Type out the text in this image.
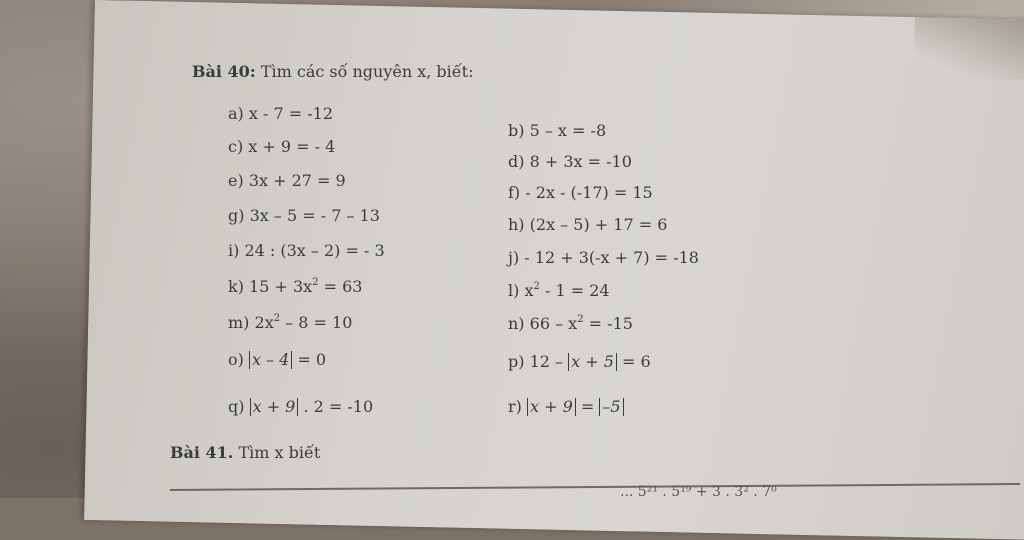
Bài 40: Tìm các số nguyên x, biết:
a) x - 7 = -12
c) x + 9 = - 4
e) 3x + 27 = 9
g) 3x – 5 = - 7 – 13
i) 24 : (3x – 2) = - 3
k) $15 + 3x^2 = 63$
m) $2x^2 - 8 = 10$
o) x – 4 = 0
q) x + 9 . 2 = -10
b) 5 – x = -8
d) 8 + 3x = -10
f) - 2x - (-17) = 15
h) (2x – 5) + 17 = 6
j) - 12 + 3(-x + 7) = -18
l) $x^2 - 1 = 24$
n) $66 - x^2 = -15$
p) 12 – x + 5 = 6
r) x + 9 = –5
Bài 41. Tìm x biết
... 5²¹ . 5¹⁹ + 3 . 3² . 7⁰
